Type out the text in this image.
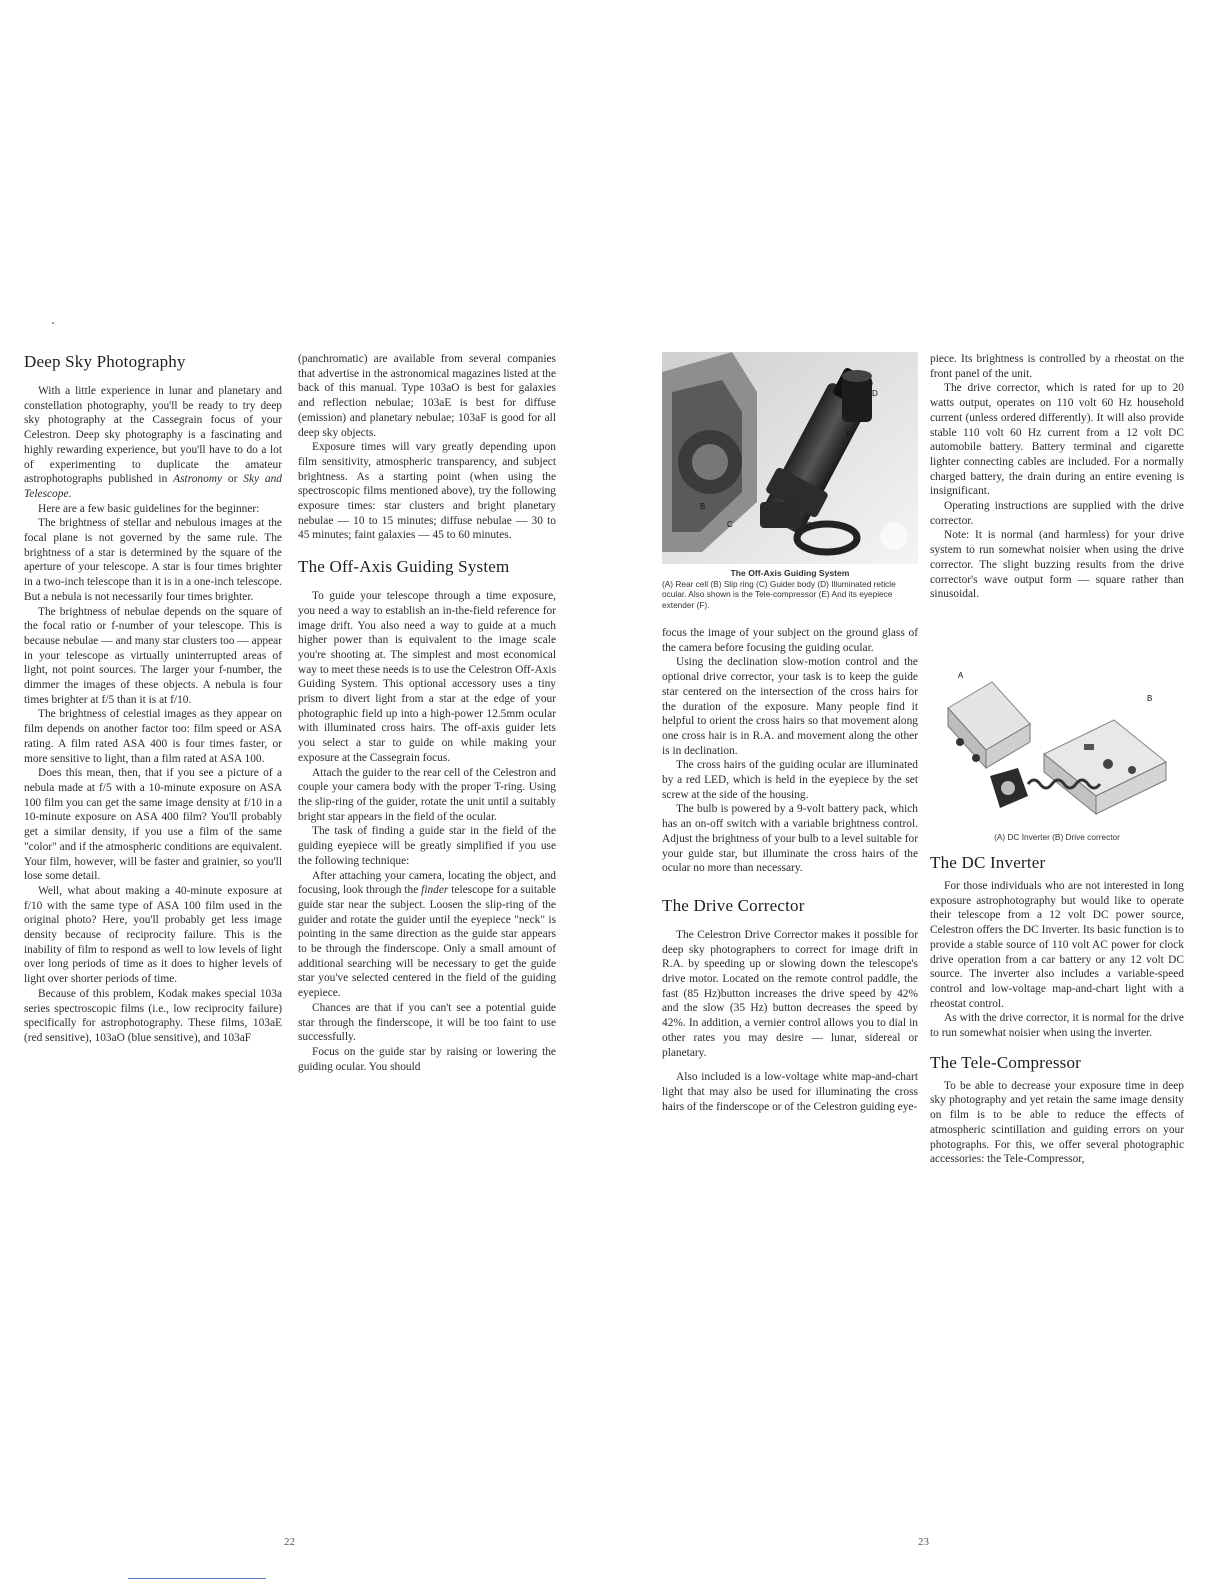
Deep Sky Photography

With a little experience in lunar and planetary and constellation photography, you'll be ready to try deep sky photography at the Cassegrain focus of your Celestron. Deep sky photography is a fascinating and highly rewarding experience, but you'll have to do a lot of experimenting to duplicate the amateur astrophotographs published in Astronomy or Sky and Telescope.

Here are a few basic guidelines for the beginner:

The brightness of stellar and nebulous images at the focal plane is not governed by the same rule. The brightness of a star is determined by the square of the aperture of your telescope. A star is four times brighter in a two-inch telescope than it is in a one-inch telescope. But a nebula is not necessarily four times brighter.

The brightness of nebulae depends on the square of the focal ratio or f-number of your telescope. This is because nebulae — and many star clusters too — appear in your telescope as virtually uninterrupted areas of light, not point sources. The larger your f-number, the dimmer the images of these objects. A nebula is four times brighter at f/5 than it is at f/10.

The brightness of celestial images as they appear on film depends on another factor too: film speed or ASA rating. A film rated ASA 400 is four times faster, or more sensitive to light, than a film rated at ASA 100.

Does this mean, then, that if you see a picture of a nebula made at f/5 with a 10-minute exposure on ASA 100 film you can get the same image density at f/10 in a 10-minute exposure on ASA 400 film? You'll probably get a similar density, if you use a film of the same "color" and if the atmospheric conditions are equivalent. Your film, however, will be faster and grainier, so you'll lose some detail.

Well, what about making a 40-minute exposure at f/10 with the same type of ASA 100 film used in the original photo? Here, you'll probably get less image density because of reciprocity failure. This is the inability of film to respond as well to low levels of light over long periods of time as it does to higher levels of light over shorter periods of time.

Because of this problem, Kodak makes special 103a series spectroscopic films (i.e., low reciprocity failure) specifically for astrophotography. These films, 103aE (red sensitive), 103aO (blue sensitive), and 103aF

(panchromatic) are available from several companies that advertise in the astronomical magazines listed at the back of this manual. Type 103aO is best for galaxies and reflection nebulae; 103aE is best for diffuse (emission) and planetary nebulae; 103aF is good for all deep sky objects.

Exposure times will vary greatly depending upon film sensitivity, atmospheric transparency, and subject brightness. As a starting point (when using the spectroscopic films mentioned above), try the following exposure times: star clusters and bright planetary nebulae — 10 to 15 minutes; diffuse nebulae — 30 to 45 minutes; faint galaxies — 45 to 60 minutes.

The Off-Axis Guiding System

To guide your telescope through a time exposure, you need a way to establish an in-the-field reference for image drift. You also need a way to guide at a much higher power than is equivalent to the image scale you're shooting at. The simplest and most economical way to meet these needs is to use the Celestron Off-Axis Guiding System. This optional accessory uses a tiny prism to divert light from a star at the edge of your photographic field up into a high-power 12.5mm ocular with illuminated cross hairs. The off-axis guider lets you select a star to guide on while making your exposure at the Cassegrain focus.

Attach the guider to the rear cell of the Celestron and couple your camera body with the proper T-ring. Using the slip-ring of the guider, rotate the unit until a suitably bright star appears in the field of the ocular.

The task of finding a guide star in the field of the guiding eyepiece will be greatly simplified if you use the following technique:

After attaching your camera, locating the object, and focusing, look through the finder telescope for a suitable guide star near the subject. Loosen the slip-ring of the guider and rotate the guider until the eyepiece "neck" is pointing in the same direction as the guide star appears to be through the finderscope. Only a small amount of additional searching will be necessary to get the guide star you've selected centered in the field of the guiding eyepiece.

Chances are that if you can't see a potential guide star through the finderscope, it will be too faint to use successfully.

Focus on the guide star by raising or lowering the guiding ocular. You should

22
D
F
B
C	E
The Off-Axis Guiding System
(A) Rear cell (B) Slip ring (C) Guider body (D) Illuminated reticle ocular. Also shown is the Tele-compressor (E) And its eyepiece extender (F).

focus the image of your subject on the ground glass of the camera before focusing the guiding ocular.

Using the declination slow-motion control and the optional drive corrector, your task is to keep the guide star centered on the intersection of the cross hairs for the duration of the exposure. Many people find it helpful to orient the cross hairs so that movement along one cross hair is in R.A. and movement along the other is in declination.

The cross hairs of the guiding ocular are illuminated by a red LED, which is held in the eyepiece by the set screw at the side of the housing.

The bulb is powered by a 9-volt battery pack, which has an on-off switch with a variable brightness control. Adjust the brightness of your bulb to a level suitable for your guide star, but illuminate the cross hairs of the ocular no more than necessary.

The Drive Corrector

The Celestron Drive Corrector makes it possible for deep sky photographers to correct for image drift in R.A. by speeding up or slowing down the telescope's drive motor. Located on the remote control paddle, the fast (85 Hz)button increases the drive speed by 42% and the slow (35 Hz) button decreases the speed by 42%. In addition, a vernier control allows you to dial in other rates you may desire — lunar, sidereal or planetary.

Also included is a low-voltage white map-and-chart light that may also be used for illuminating the cross hairs of the finderscope or of the Celestron guiding eye-

piece. Its brightness is controlled by a rheostat on the front panel of the unit.

The drive corrector, which is rated for up to 20 watts output, operates on 110 volt 60 Hz household current (unless ordered differently). It will also provide stable 110 volt 60 Hz current from a 12 volt DC automobile battery. Battery terminal and cigarette lighter connecting cables are included. For a normally charged battery, the drain during an entire evening is insignificant.

Operating instructions are supplied with the drive corrector.

Note: It is normal (and harmless) for your drive system to run somewhat noisier when using the drive corrector. The slight buzzing results from the drive corrector's wave output form — square rather than sinusoidal.

A
B
(A) DC Inverter (B) Drive corrector
The DC Inverter

For those individuals who are not interested in long exposure astrophotography but would like to operate their telescope from a 12 volt DC power source, Celestron offers the DC Inverter. Its basic function is to provide a stable source of 110 volt AC power for clock drive operation from a car battery or any 12 volt DC source. The inverter also includes a variable-speed control and low-voltage map-and-chart light with a rheostat control.

As with the drive corrector, it is normal for the drive to run somewhat noisier when using the inverter.

The Tele-Compressor

To be able to decrease your exposure time in deep sky photography and yet retain the same image density on film is to be able to reduce the effects of atmospheric scintillation and guiding errors on your photographs. For this, we offer several photographic accessories: the Tele-Compressor,

23
